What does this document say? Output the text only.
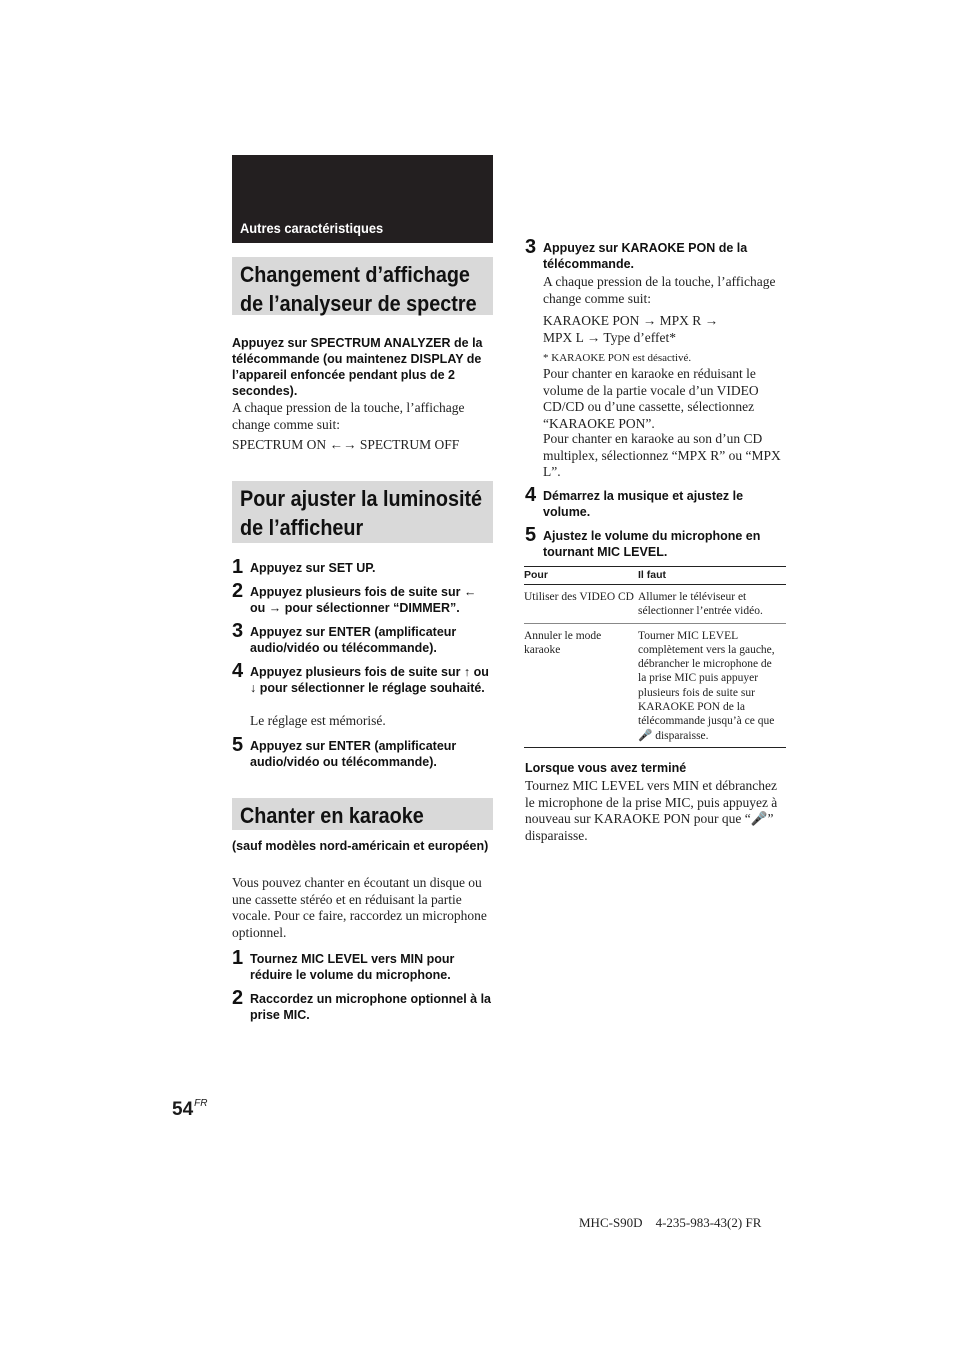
Autres caractéristiques
Changement d’affichage
de l’analyseur de spectre
Appuyez sur SPECTRUM ANALYZER de la télécommande (ou maintenez DISPLAY de l’appareil enfoncée pendant plus de 2 secondes).
A chaque pression de la touche, l’affichage change comme suit:
SPECTRUM ON ←→ SPECTRUM OFF
Pour ajuster la luminosité
de l’afficheur
1 Appuyez sur SET UP.
2 Appuyez plusieurs fois de suite sur ← ou → pour sélectionner “DIMMER”.
3 Appuyez sur ENTER (amplificateur audio/vidéo ou télécommande).
4 Appuyez plusieurs fois de suite sur ↑ ou ↓ pour sélectionner le réglage souhaité.
Le réglage est mémorisé.
5 Appuyez sur ENTER (amplificateur audio/vidéo ou télécommande).
Chanter en karaoke
(sauf modèles nord-américain et européen)
Vous pouvez chanter en écoutant un disque ou une cassette stéréo et en réduisant la partie vocale. Pour ce faire, raccordez un microphone optionnel.
1 Tournez MIC LEVEL vers MIN pour réduire le volume du microphone.
2 Raccordez un microphone optionnel à la prise MIC.
3 Appuyez sur KARAOKE PON de la télécommande.
A chaque pression de la touche, l’affichage change comme suit:
KARAOKE PON → MPX R →
MPX L → Type d’effet*
* KARAOKE PON est désactivé.
Pour chanter en karaoke en réduisant le volume de la partie vocale d’un VIDEO CD/CD ou d’une cassette, sélectionnez “KARAOKE PON”.
Pour chanter en karaoke au son d’un CD multiplex, sélectionnez “MPX R” ou “MPX L”.
4 Démarrez la musique et ajustez le volume.
5 Ajustez le volume du microphone en tournant MIC LEVEL.
Pour	Il faut
Utiliser des VIDEO CD	Allumer le téléviseur et sélectionner l’entrée vidéo.
Annuler le mode karaoke	Tourner MIC LEVEL complètement vers la gauche, débrancher le microphone de la prise MIC puis appuyer plusieurs fois de suite sur KARAOKE PON de la télécommande jusqu’à ce que 🎤 disparaisse.
Lorsque vous avez terminé
Tournez MIC LEVEL vers MIN et débranchez le microphone de la prise MIC, puis appuyez à nouveau sur KARAOKE PON pour que “🎤” disparaisse.
$54^{FR}$
MHC-S90D    4-235-983-43(2) FR
